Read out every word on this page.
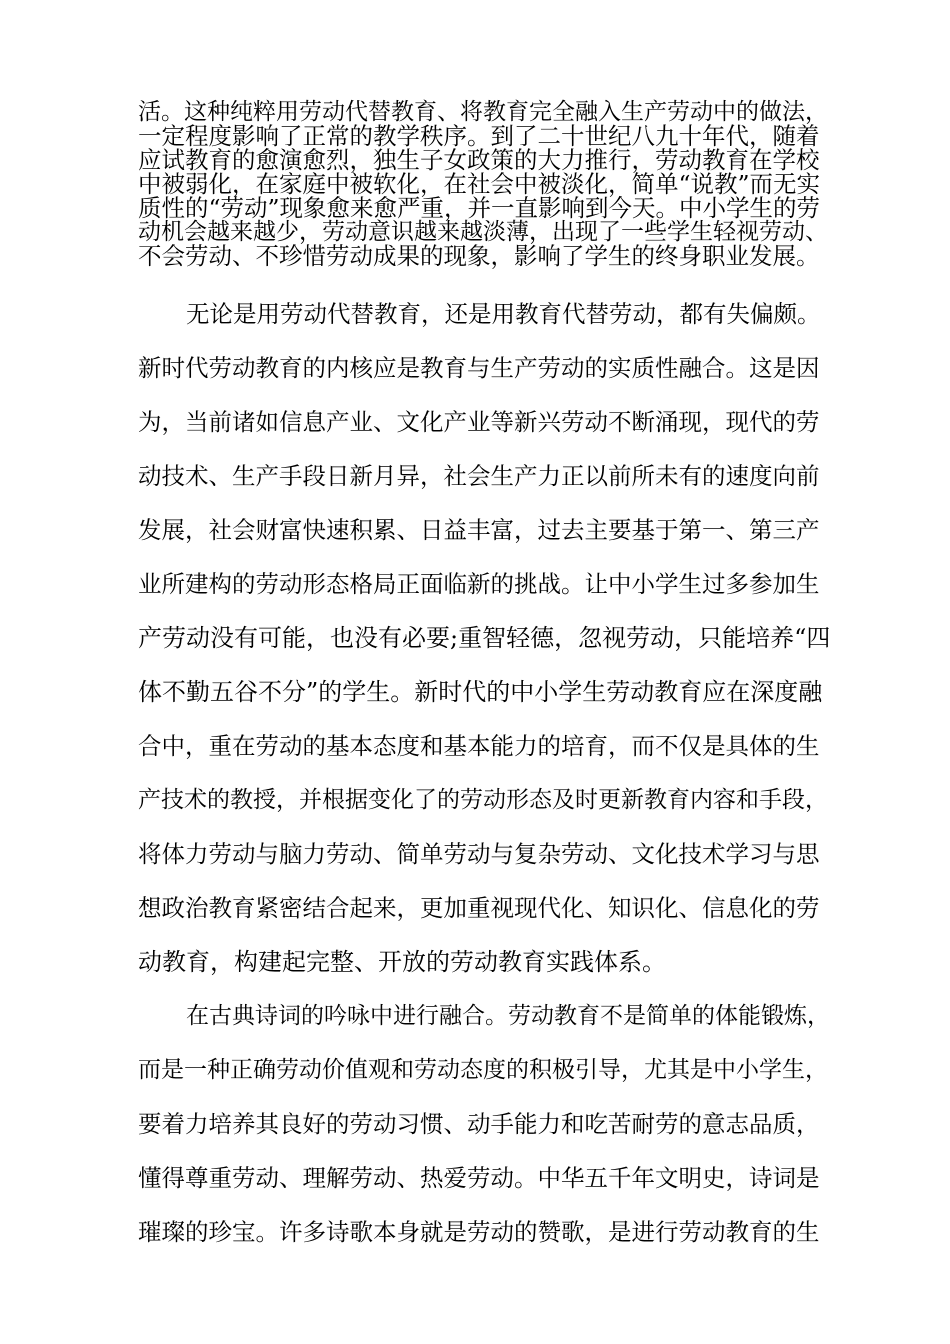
活。这种纯粹用劳动代替教育、将教育完全融入生产劳动中的做法，
一定程度影响了正常的教学秩序。到了二十世纪八九十年代，随着
应试教育的愈演愈烈，独生子女政策的大力推行，劳动教育在学校
中被弱化，在家庭中被软化，在社会中被淡化，简单“说教”而无实
质性的“劳动”现象愈来愈严重，并一直影响到今天。中小学生的劳
动机会越来越少，劳动意识越来越淡薄，出现了一些学生轻视劳动、
不会劳动、不珍惜劳动成果的现象，影响了学生的终身职业发展。
无论是用劳动代替教育，还是用教育代替劳动，都有失偏颇。
新时代劳动教育的内核应是教育与生产劳动的实质性融合。这是因
为，当前诸如信息产业、文化产业等新兴劳动不断涌现，现代的劳
动技术、生产手段日新月异，社会生产力正以前所未有的速度向前
发展，社会财富快速积累、日益丰富，过去主要基于第一、第三产
业所建构的劳动形态格局正面临新的挑战。让中小学生过多参加生
产劳动没有可能，也没有必要;重智轻德，忽视劳动，只能培养“四
体不勤五谷不分”的学生。新时代的中小学生劳动教育应在深度融
合中，重在劳动的基本态度和基本能力的培育，而不仅是具体的生
产技术的教授，并根据变化了的劳动形态及时更新教育内容和手段，
将体力劳动与脑力劳动、简单劳动与复杂劳动、文化技术学习与思
想政治教育紧密结合起来，更加重视现代化、知识化、信息化的劳
动教育，构建起完整、开放的劳动教育实践体系。
在古典诗词的吟咏中进行融合。劳动教育不是简单的体能锻炼，
而是一种正确劳动价值观和劳动态度的积极引导，尤其是中小学生，
要着力培养其良好的劳动习惯、动手能力和吃苦耐劳的意志品质，
懂得尊重劳动、理解劳动、热爱劳动。中华五千年文明史，诗词是
璀璨的珍宝。许多诗歌本身就是劳动的赞歌，是进行劳动教育的生
